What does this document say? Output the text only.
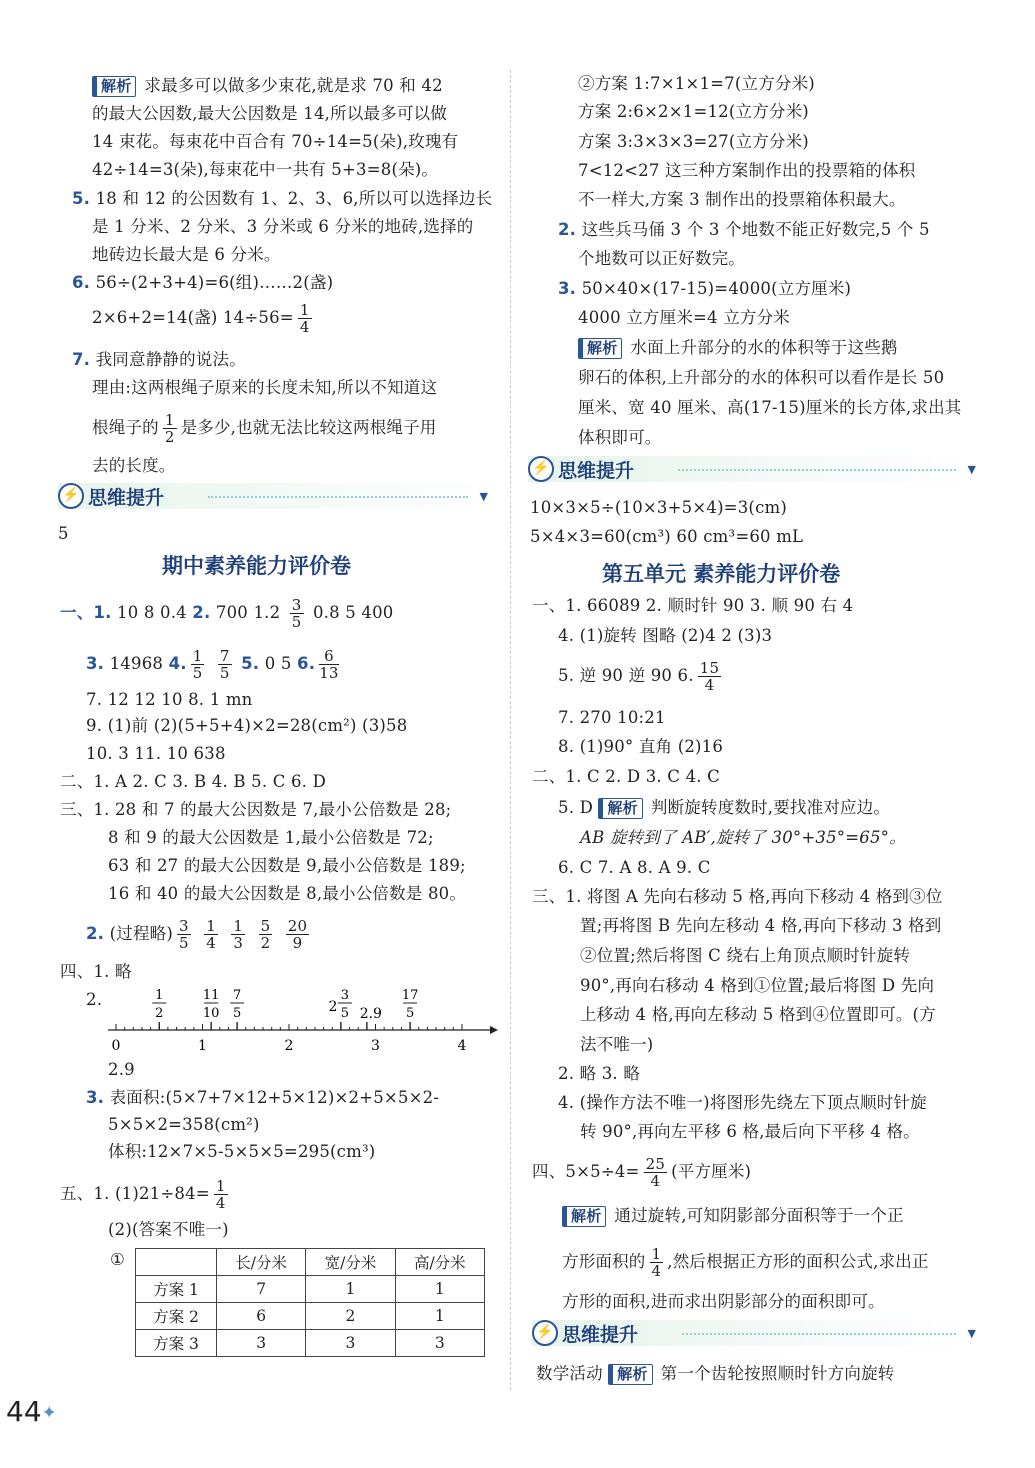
解析 求最多可以做多少束花,就是求 70 和 42
的最大公因数,最大公因数是 14,所以最多可以做
14 束花。每束花中百合有 70÷14=5(朵),玫瑰有
42÷14=3(朵),每束花中一共有 5+3=8(朵)。
5. 18 和 12 的公因数有 1、2、3、6,所以可以选择边长
是 1 分米、2 分米、3 分米或 6 分米的地砖,选择的
地砖边长最大是 6 分米。
6. 56÷(2+3+4)=6(组)……2(盏)
2×6+2=14(盏) $14\div 56= \frac{1}{4}$
7. 我同意静静的说法。
理由:这两根绳子原来的长度未知,所以不知道这
根绳子的 $\frac{1}{2}$ 是多少,也就无法比较这两根绳子用
去的长度。
⚡ 思维提升	▼
5
期中素养能力评价卷
一、1. 10 8 0.4 2. 700 $1.2 \frac{3}{5} 0.8$ 5 400
3. 14968 4. $\frac{1}{5}$
$\frac{7}{5} 5$. 0 5 6. $\frac{6}{13}$
7. 12 12 10 8. 1 mn
9. (1)前 (2)(5+5+4)×2=28(cm²) (3)58
10. 3 11. 10 638
二、1. A 2. C 3. B 4. B 5. C 6. D
三、1. 28 和 7 的最大公因数是 7,最小公倍数是 28;
8 和 9 的最大公因数是 1,最小公倍数是 72;
63 和 27 的最大公因数是 9,最小公倍数是 189;
16 和 40 的最大公因数是 8,最小公倍数是 80。
2. (过程略) $\frac{3}{5}$
$\frac{1}{4}$
$\frac{1}{3}$
$\frac{5}{2}$
$\frac{20}{9}$
四、1. 略
2.
0	1	2	3	4
1
2
11
10
7
5
3
5
2 2.9
17
5
2.9
3. 表面积:(5×7+7×12+5×12)×2+5×5×2-
5×5×2=358(cm²)
体积:12×7×5-5×5×5=295(cm³)
五、1. $(1)21\div 84= \frac{1}{4}$
(2)(答案不唯一)
①
		长/分米	宽/分米	高/分米
方案 1	7	1	1
方案 2	6	2	1
方案 3	3	3	3
②方案 1:7×1×1=7(立方分米)
方案 2:6×2×1=12(立方分米)
方案 3:3×3×3=27(立方分米)
7<12<27 这三种方案制作出的投票箱的体积
不一样大,方案 3 制作出的投票箱体积最大。
2. 这些兵马俑 3 个 3 个地数不能正好数完,5 个 5
个地数可以正好数完。
3. 50×40×(17-15)=4000(立方厘米)
4000 立方厘米=4 立方分米
解析 水面上升部分的水的体积等于这些鹅
卵石的体积,上升部分的水的体积可以看作是长 50
厘米、宽 40 厘米、高(17-15)厘米的长方体,求出其
体积即可。
⚡ 思维提升	▼
10×3×5÷(10×3+5×4)=3(cm)
5×4×3=60(cm³) 60 cm³=60 mL
第五单元 素养能力评价卷
一、1. 66089 2. 顺时针 90 3. 顺 90 右 4
4. (1)旋转 图略 (2)4 2 (3)3
5. 逆 90 逆 90 6. $\frac{15}{4}$
7. 270 10:21
8. (1)90° 直角 (2)16
二、1. C 2. D 3. C 4. C
5. D 解析 判断旋转度数时,要找准对应边。
AB 旋转到了 AB′,旋转了 30°+35°=65°。
6. C 7. A 8. A 9. C
三、1. 将图 A 先向右移动 5 格,再向下移动 4 格到③位
置;再将图 B 先向左移动 4 格,再向下移动 3 格到
②位置;然后将图 C 绕右上角顶点顺时针旋转
90°,再向右移动 4 格到①位置;最后将图 D 先向
上移动 4 格,再向左移动 5 格到④位置即可。(方
法不唯一)
2. 略 3. 略
4. (操作方法不唯一)将图形先绕左下顶点顺时针旋
转 90°,再向左平移 6 格,最后向下平移 4 格。
四、$5\times 5\div 4= \frac{25}{4}$ (平方厘米)
解析 通过旋转,可知阴影部分面积等于一个正
方形面积的 $\frac{1}{4}$ ,然后根据正方形的面积公式,求出正
方形的面积,进而求出阴影部分的面积即可。
⚡ 思维提升	▼
数学活动 解析 第一个齿轮按照顺时针方向旋转
44✦
